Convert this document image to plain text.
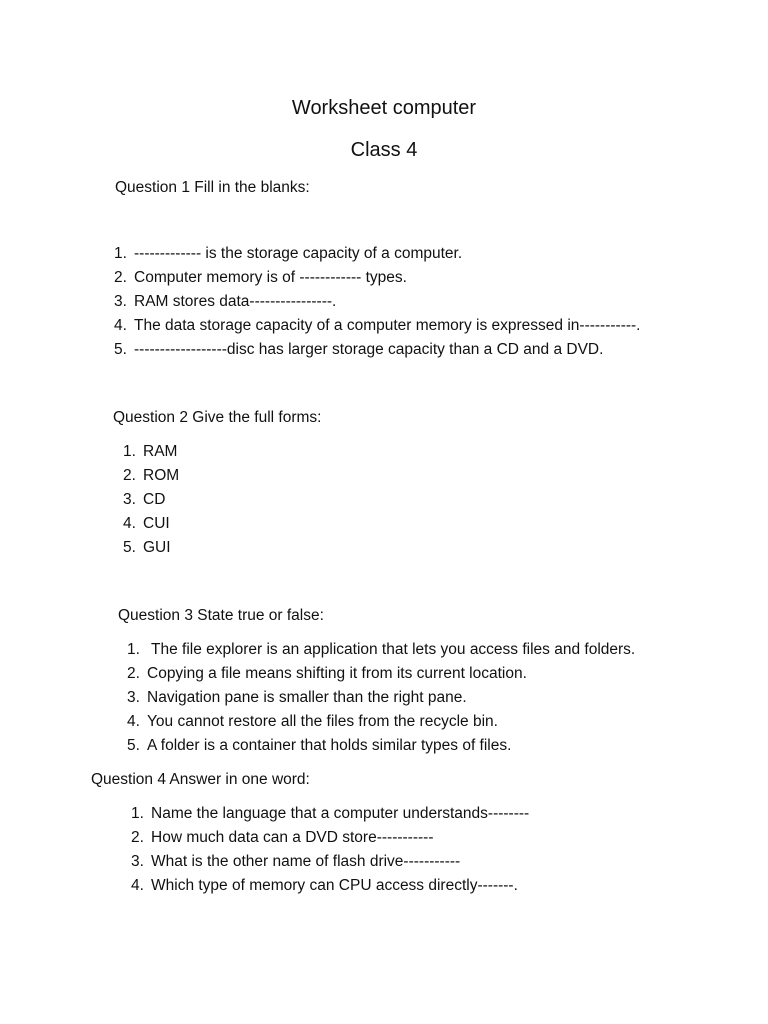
Worksheet computer
Class 4
Question 1 Fill in the blanks:
1. ------------- is the storage capacity of a computer.
2. Computer memory is of ------------ types.
3. RAM stores data----------------.
4. The data storage capacity of a computer memory is expressed in-----------.
5. ------------------disc has larger storage capacity than a CD and a DVD.
Question 2 Give the full forms:
1. RAM
2. ROM
3. CD
4. CUI
5. GUI
Question 3 State true or false:
1. The file explorer is an application that lets you access files and folders.
2. Copying a file means shifting it from its current location.
3. Navigation pane is smaller than the right pane.
4. You cannot restore all the files from the recycle bin.
5. A folder is a container that holds similar types of files.
Question 4 Answer in one word:
1. Name the language that a computer understands--------
2. How much data can a DVD store-----------
3. What is the other name of flash drive-----------
4. Which type of memory can CPU access directly-------.
